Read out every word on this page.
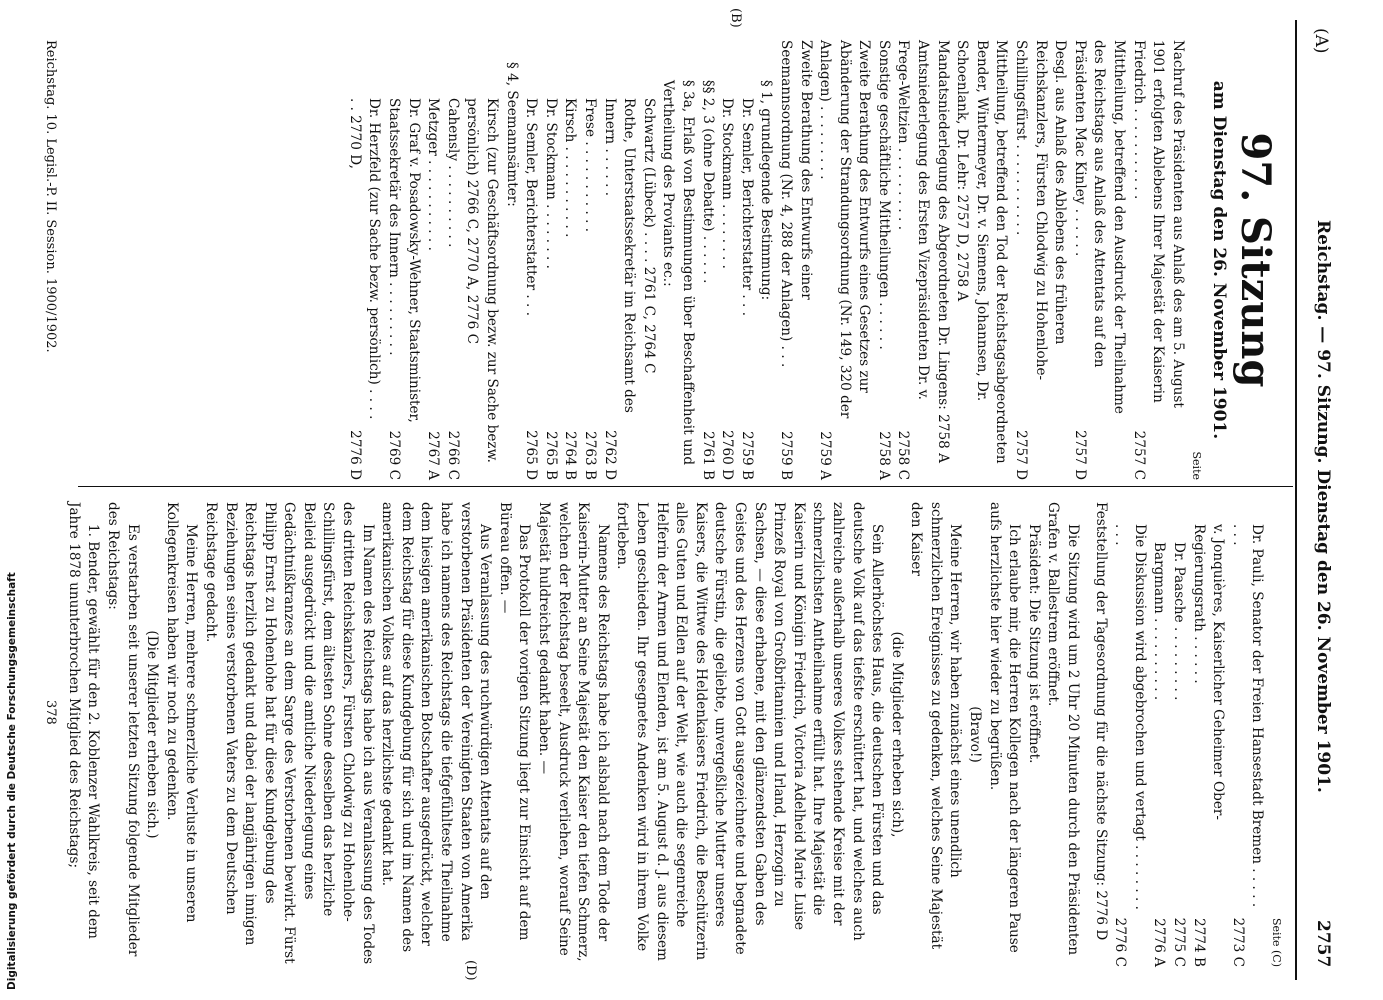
(A)
Reichstag. — 97. Sitzung. Dienstag den 26. November 1901.
2757
(B)
(D)
97. Sitzung
am Dienstag den 26. November 1901.
Seite
Nachruf des Präsidenten aus Anlaß des am 5. August 1901 erfolgten Ablebens Ihrer Majestät der Kaiserin Friedrich . . . . . . . . . . .
2757 C
Mittheilung, betreffend den Ausdruck der Theilnahme des Reichstags aus Anlaß des Attentats auf den Präsidenten Mac Kinley . . . . . .
2757 D
Desgl. aus Anlaß des Ablebens des früheren Reichskanzlers, Fürsten Chlodwig zu Hohenlohe-Schillingsfürst . . . . . . . . . . .
2757 D
Mittheilung, betreffend den Tod der Reichstagsabgeordneten Bender, Wintermeyer, Dr. v. Siemens, Johannsen, Dr. Schoenlank, Dr. Lehr: 2757 D, 2758 A
Mandatsniederlegung des Abgeordneten Dr. Lingens: 2758 A
Amtsniederlegung des Ersten Vizepräsidenten Dr. v. Frege-Weltzien . . . . . . . . . .
2758 C
Sonstige geschäftliche Mittheilungen . . . . . .
2758 A
Zweite Berathung des Entwurfs eines Gesetzes zur Abänderung der Strandungsordnung (Nr. 149, 320 der Anlagen) . . . . . . . . .
2759 A
Zweite Berathung des Entwurfs einer Seemannsordnung (Nr. 4, 288 der Anlagen) . . .
2759 B
§ 1, grundlegende Bestimmung:
Dr. Semler, Berichterstatter . . .
2759 B
Dr. Stockmann . . . . . . . .
2760 D
§§ 2, 3 (ohne Debatte) . . . . . .
2761 B
§ 3a, Erlaß von Bestimmungen über Beschaffenheit und Vertheilung des Proviants ec.:
Schwartz (Lübeck) . . . . 2761 C, 2764 C
Rothe, Unterstaatssekretär im Reichsamt des Innern . . . . . .
2762 D
Frese . . . . . . . . . . .
2763 B
Kirsch . . . . . . . . . . .
2764 B
Dr. Stockmann . . . . . . . .
2765 B
Dr. Semler, Berichterstatter . . .
2765 D
§ 4, Seemannsämter:
Kirsch (zur Geschäftsordnung bezw. zur Sache bezw. persönlich) 2766 C, 2770 A, 2776 C
Cahensly . . . . . . . . . .
2766 C
Metzger . . . . . . . . . . .
2767 A
Dr. Graf v. Posadowsky-Wehner, Staatsminister, Staatssekretär des Innern . . . . . . . . .
2769 C
Dr. Herzfeld (zur Sache bezw. persönlich) . . . . . . 2770 D,
2776 D
Seite (C)
Dr. Pauli, Senator der Freien Hansestadt Bremen . . . . . . . .
2773 C
v. Jonquières, Kaiserlicher Geheimer Ober-Regierungsrath . . . . . .
2774 B
Dr. Paasche . . . . . . . . .
2775 C
Bargmann . . . . . . . . . .
2776 A
Die Diskussion wird abgebrochen und vertagt . . . . . . . . . . .
2776 C
Feststellung der Tagesordnung für die nächste Sitzung: 2776 D

Die Sitzung wird um 2 Uhr 20 Minuten durch den Präsidenten Grafen v. Ballestrem eröffnet.

Präsident: Die Sitzung ist eröffnet.

Ich erlaube mir, die Herren Kollegen nach der längeren Pause aufs herzlichste hier wieder zu begrüßen.

(Bravo!)

Meine Herren, wir haben zunächst eines unendlich schmerzlichen Ereignisses zu gedenken, welches Seine Majestät den Kaiser

(die Mitglieder erheben sich),

Sein Allerhöchstes Haus, die deutschen Fürsten und das deutsche Volk auf das tiefste erschüttert hat, und welches auch zahlreiche außerhalb unseres Volkes stehende Kreise mit der schmerzlichsten Antheilnahme erfüllt hat. Ihre Majestät die Kaiserin und Königin Friedrich, Victoria Adelheid Marie Luise Prinzeß Royal von Großbritannien und Irland, Herzogin zu Sachsen, — diese erhabene, mit den glänzendsten Gaben des Geistes und des Herzens von Gott ausgezeichnete und begnadete deutsche Fürstin, die geliebte, unvergeßliche Mutter unseres Kaisers, die Wittwe des Heldenkaisers Friedrich, die Beschützerin alles Guten und Edlen auf der Welt, wie auch die segenreiche Helferin der Armen und Elenden, ist am 5. August d. J. aus diesem Leben geschieden. Ihr gesegnetes Andenken wird in ihrem Volke fortleben.

Namens des Reichstags habe ich alsbald nach dem Tode der Kaiserin-Mutter an Seine Majestät den Kaiser den tiefen Schmerz, welchen der Reichstag beseelt, Ausdruck verliehen, worauf Seine Majestät huldreichst gedankt haben. —

Das Protokoll der vorigen Sitzung liegt zur Einsicht auf dem Büreau offen. —

Aus Veranlassung des ruchwürdigen Attentats auf den verstorbenen Präsidenten der Vereinigten Staaten von Amerika habe ich namens des Reichstags die tiefgefühlteste Theilnahme dem hiesigen amerikanischen Botschafter ausgedrückt, welcher dem Reichstag für diese Kundgebung für sich und im Namen des amerikanischen Volkes auf das herzlichste gedankt hat.

Im Namen des Reichstags habe ich aus Veranlassung des Todes des dritten Reichskanzlers, Fürsten Chlodwig zu Hohenlohe-Schillingsfürst, dem ältesten Sohne desselben das herzliche Beileid ausgedrückt und die amtliche Niederlegung eines Gedächtnißkranzes an dem Sarge des Verstorbenen bewirkt. Fürst Philipp Ernst zu Hohenlohe hat für diese Kundgebung des Reichstags herzlich gedankt und dabei der langjährigen innigen Beziehungen seines verstorbenen Vaters zu dem Deutschen Reichstage gedacht.

Meine Herren, mehrere schmerzliche Verluste in unseren Kollegenkreisen haben wir noch zu gedenken.

(Die Mitglieder erheben sich.)

Es verstarben seit unserer letzten Sitzung folgende Mitglieder des Reichstags:

1. Bender, gewählt für den 2. Koblenzer Wahlkreis, seit dem Jahre 1878 ununterbrochen Mitglied des Reichstags;

Reichstag. 10. Legisl.-P. II. Session. 1900/1902.
378
Digitalisierung gefördert durch die Deutsche Forschungsgemeinschaft
